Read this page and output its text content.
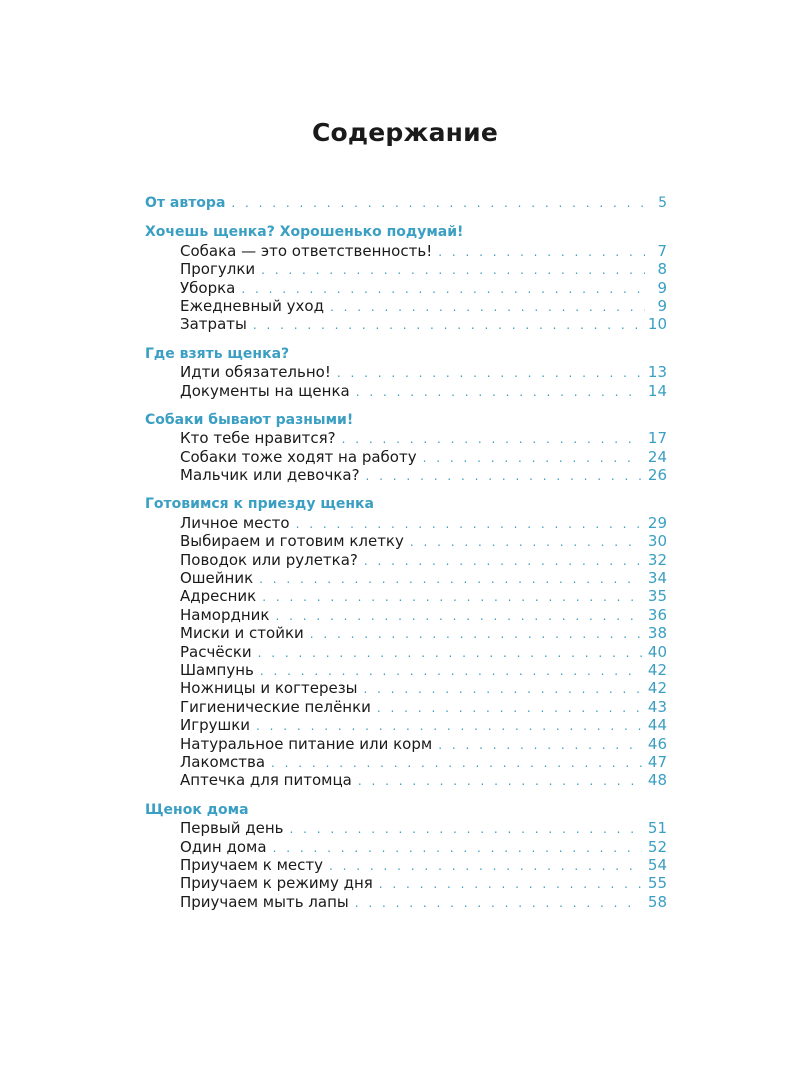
Содержание
От автора . . .	5
Хочешь щенка? Хорошенько подумай!
Собака — это ответственность! . . .	7
Прогулки . . .	8
Уборка . . .	9
Ежедневный уход . . .	9
Затраты . . .	10
Где взять щенка?
Идти обязательно! . . .	13
Документы на щенка . . .	14
Собаки бывают разными!
Кто тебе нравится? . . .	17
Собаки тоже ходят на работу . . .	24
Мальчик или девочка? . . .	26
Готовимся к приезду щенка
Личное место . . .	29
Выбираем и готовим клетку . . .	30
Поводок или рулетка? . . .	32
Ошейник . . .	34
Адресник . . .	35
Намордник . . .	36
Миски и стойки . . .	38
Расчёски . . .	40
Шампунь . . .	42
Ножницы и когтерезы . . .	42
Гигиенические пелёнки . . .	43
Игрушки . . .	44
Натуральное питание или корм . . .	46
Лакомства . . .	47
Аптечка для питомца . . .	48
Щенок дома
Первый день . . .	51
Один дома . . .	52
Приучаем к месту . . .	54
Приучаем к режиму дня . . .	55
Приучаем мыть лапы . . .	58
